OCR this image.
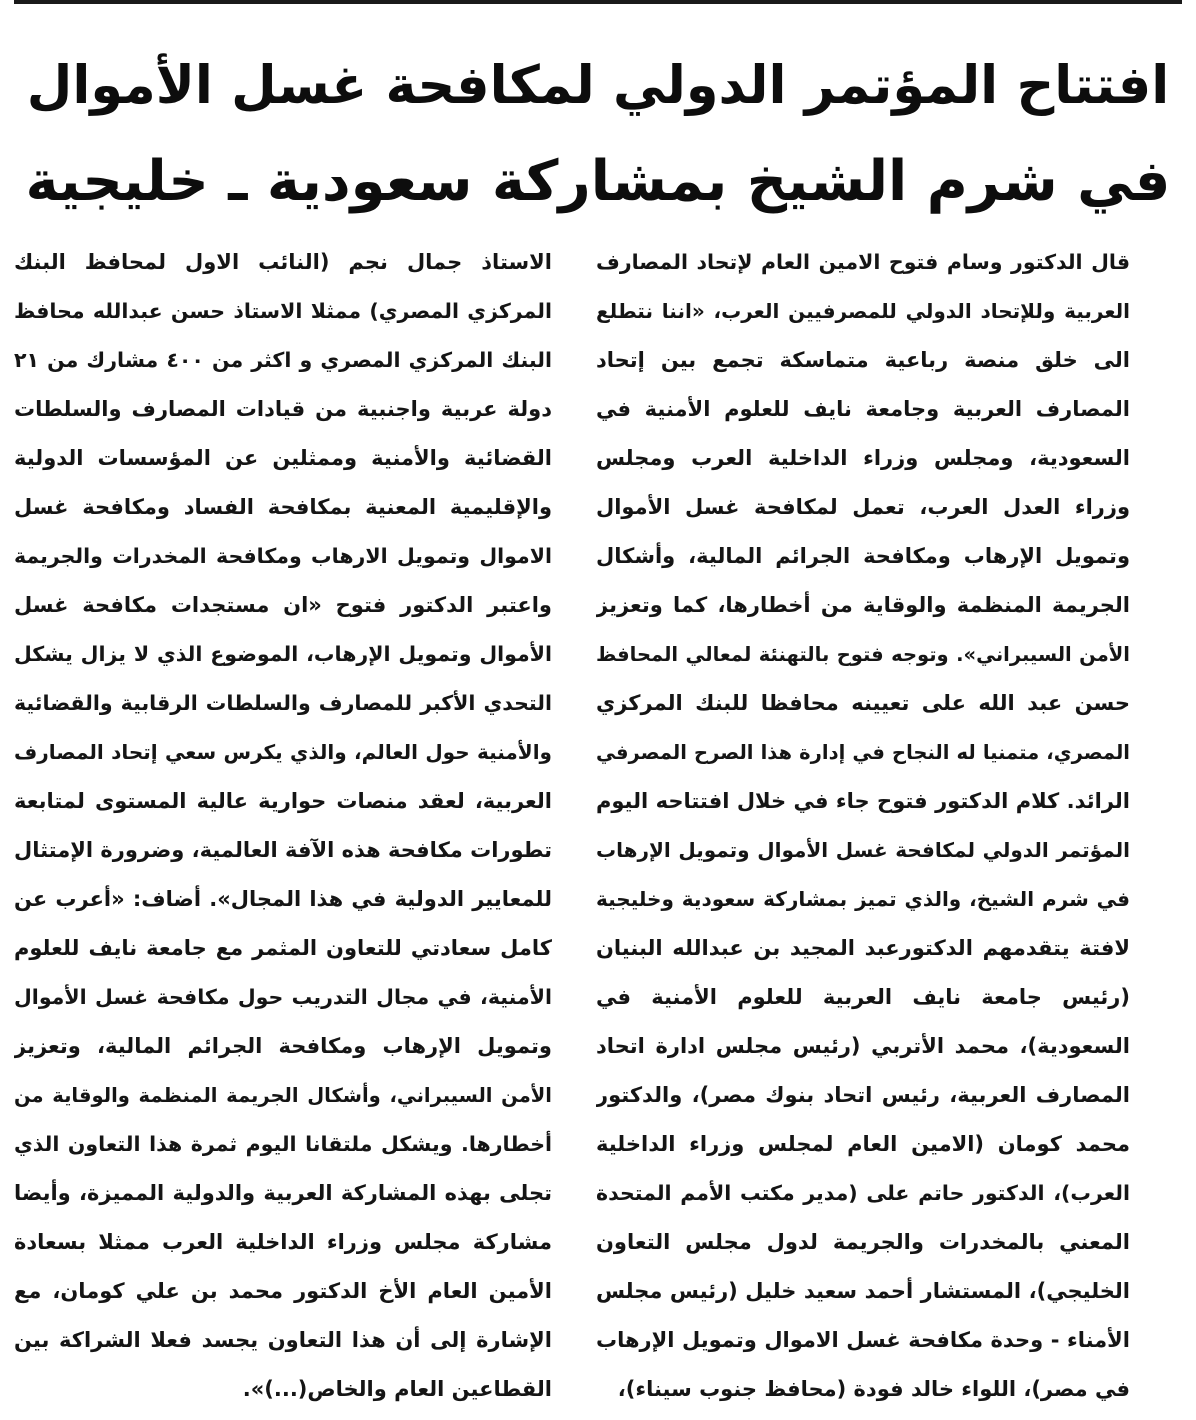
افتتاح المؤتمر الدولي لمكافحة غسل الأموال
في شرم الشيخ بمشاركة سعودية ـ خليجية
قال الدكتور وسام فتوح الامين العام لإتحاد المصارف
العربية وللإتحاد الدولي للمصرفيين العرب، «اننا نتطلع
الى خلق منصة رباعية متماسكة تجمع بين إتحاد
المصارف العربية وجامعة نايف للعلوم الأمنية في
السعودية، ومجلس وزراء الداخلية العرب ومجلس
وزراء العدل العرب، تعمل لمكافحة غسل الأموال
وتمويل الإرهاب ومكافحة الجرائم المالية، وأشكال
الجريمة المنظمة والوقاية من أخطارها، كما وتعزيز
الأمن السيبراني». وتوجه فتوح بالتهنئة لمعالي المحافظ
حسن عبد الله على تعيينه محافظا للبنك المركزي
المصري، متمنيا له النجاح في إدارة هذا الصرح المصرفي
الرائد. كلام الدكتور فتوح جاء في خلال افتتاحه اليوم
المؤتمر الدولي لمكافحة غسل الأموال وتمويل الإرهاب
في شرم الشيخ، والذي تميز بمشاركة سعودية وخليجية
لافتة يتقدمهم الدكتورعبد المجيد بن عبدالله البنيان
(رئيس جامعة نايف العربية للعلوم الأمنية في
السعودية)، محمد الأتربي (رئيس مجلس ادارة اتحاد
المصارف العربية، رئيس اتحاد بنوك مصر)، والدكتور
محمد كومان (الامين العام لمجلس وزراء الداخلية
العرب)، الدكتور حاتم على (مدير مكتب الأمم المتحدة
المعني بالمخدرات والجريمة لدول مجلس التعاون
الخليجي)، المستشار أحمد سعيد خليل (رئيس مجلس
الأمناء - وحدة مكافحة غسل الاموال وتمويل الإرهاب
في مصر)، اللواء خالد فودة (محافظ جنوب سيناء)،
الاستاذ جمال نجم (النائب الاول لمحافظ البنك
المركزي المصري) ممثلا الاستاذ حسن عبدالله محافظ
البنك المركزي المصري و اكثر من ٤٠٠ مشارك من ٢١
دولة عربية واجنبية من قيادات المصارف والسلطات
القضائية والأمنية وممثلين عن المؤسسات الدولية
والإقليمية المعنية بمكافحة الفساد ومكافحة غسل
الاموال وتمويل الارهاب ومكافحة المخدرات والجريمة
واعتبر الدكتور فتوح «ان مستجدات مكافحة غسل
الأموال وتمويل الإرهاب، الموضوع الذي لا يزال يشكل
التحدي الأكبر للمصارف والسلطات الرقابية والقضائية
والأمنية حول العالم، والذي يكرس سعي إتحاد المصارف
العربية، لعقد منصات حوارية عالية المستوى لمتابعة
تطورات مكافحة هذه الآفة العالمية، وضرورة الإمتثال
للمعايير الدولية في هذا المجال». أضاف: «أعرب عن
كامل سعادتي للتعاون المثمر مع جامعة نايف للعلوم
الأمنية، في مجال التدريب حول مكافحة غسل الأموال
وتمويل الإرهاب ومكافحة الجرائم المالية، وتعزيز
الأمن السيبراني، وأشكال الجريمة المنظمة والوقاية من
أخطارها. ويشكل ملتقانا اليوم ثمرة هذا التعاون الذي
تجلى بهذه المشاركة العربية والدولية المميزة، وأيضا
مشاركة مجلس وزراء الداخلية العرب ممثلا بسعادة
الأمين العام الأخ الدكتور محمد بن علي كومان، مع
الإشارة إلى أن هذا التعاون يجسد فعلا الشراكة بين
القطاعين العام والخاص(...)».
